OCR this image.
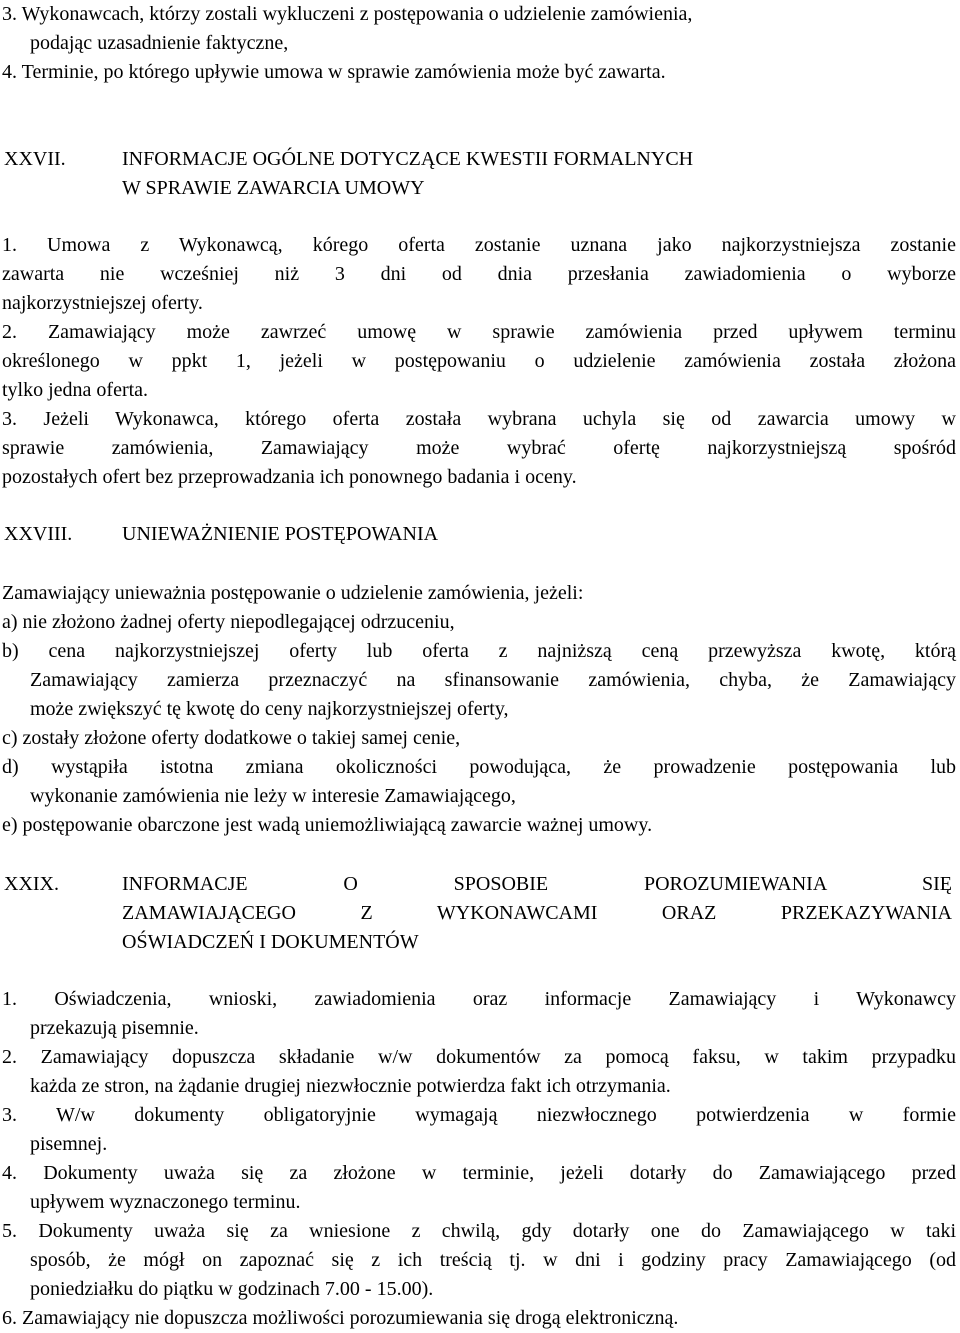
3. Wykonawcach, którzy zostali wykluczeni z postępowania o udzielenie zamówienia,
podając uzasadnienie faktyczne,
4. Terminie, po którego upływie umowa w sprawie zamówienia może być zawarta.
XXVII.	INFORMACJE OGÓLNE DOTYCZĄCE KWESTII FORMALNYCH
W SPRAWIE ZAWARCIA UMOWY
1. Umowa z Wykonawcą, kórego oferta zostanie uznana jako najkorzystniejsza zostanie
zawarta nie wcześniej niż 3 dni od dnia przesłania zawiadomienia o wyborze
najkorzystniejszej oferty.
2. Zamawiający może zawrzeć umowę w sprawie zamówienia przed upływem terminu
określonego w ppkt 1, jeżeli w postępowaniu o udzielenie zamówienia została złożona
tylko jedna oferta.
3. Jeżeli Wykonawca, którego oferta została wybrana uchyla się od zawarcia umowy w
sprawie zamówienia, Zamawiający może wybrać ofertę najkorzystniejszą spośród
pozostałych ofert bez przeprowadzania ich ponownego badania i oceny.
XXVIII. UNIEWAŻNIENIE POSTĘPOWANIA
Zamawiający unieważnia postępowanie o udzielenie zamówienia, jeżeli:
a) nie złożono żadnej oferty niepodlegającej odrzuceniu,
b) cena najkorzystniejszej oferty lub oferta z najniższą ceną przewyższa kwotę, którą
Zamawiający zamierza przeznaczyć na sfinansowanie zamówienia, chyba, że Zamawiający
może zwiększyć tę kwotę do ceny najkorzystniejszej oferty,
c) zostały złożone oferty dodatkowe o takiej samej cenie,
d) wystąpiła istotna zmiana okoliczności powodująca, że prowadzenie postępowania lub
wykonanie zamówienia nie leży w interesie Zamawiającego,
e) postępowanie obarczone jest wadą uniemożliwiającą zawarcie ważnej umowy.
XXIX.	INFORMACJE O SPOSOBIE POROZUMIEWANIA SIĘ
ZAMAWIAJĄCEGO Z WYKONAWCAMI ORAZ PRZEKAZYWANIA
OŚWIADCZEŃ I DOKUMENTÓW
1. Oświadczenia, wnioski, zawiadomienia oraz informacje Zamawiający i Wykonawcy
przekazują pisemnie.
2. Zamawiający dopuszcza składanie w/w dokumentów za pomocą faksu, w takim przypadku
każda ze stron, na żądanie drugiej niezwłocznie potwierdza fakt ich otrzymania.
3. W/w dokumenty obligatoryjnie wymagają niezwłocznego potwierdzenia w formie
pisemnej.
4. Dokumenty uważa się za złożone w terminie, jeżeli dotarły do Zamawiającego przed
upływem wyznaczonego terminu.
5. Dokumenty uważa się za wniesione z chwilą, gdy dotarły one do Zamawiającego w taki
sposób, że mógł on zapoznać się z ich treścią tj. w dni i godziny pracy Zamawiającego (od
poniedziałku do piątku w godzinach 7.00 - 15.00).
6. Zamawiający nie dopuszcza możliwości porozumiewania się drogą elektroniczną.
